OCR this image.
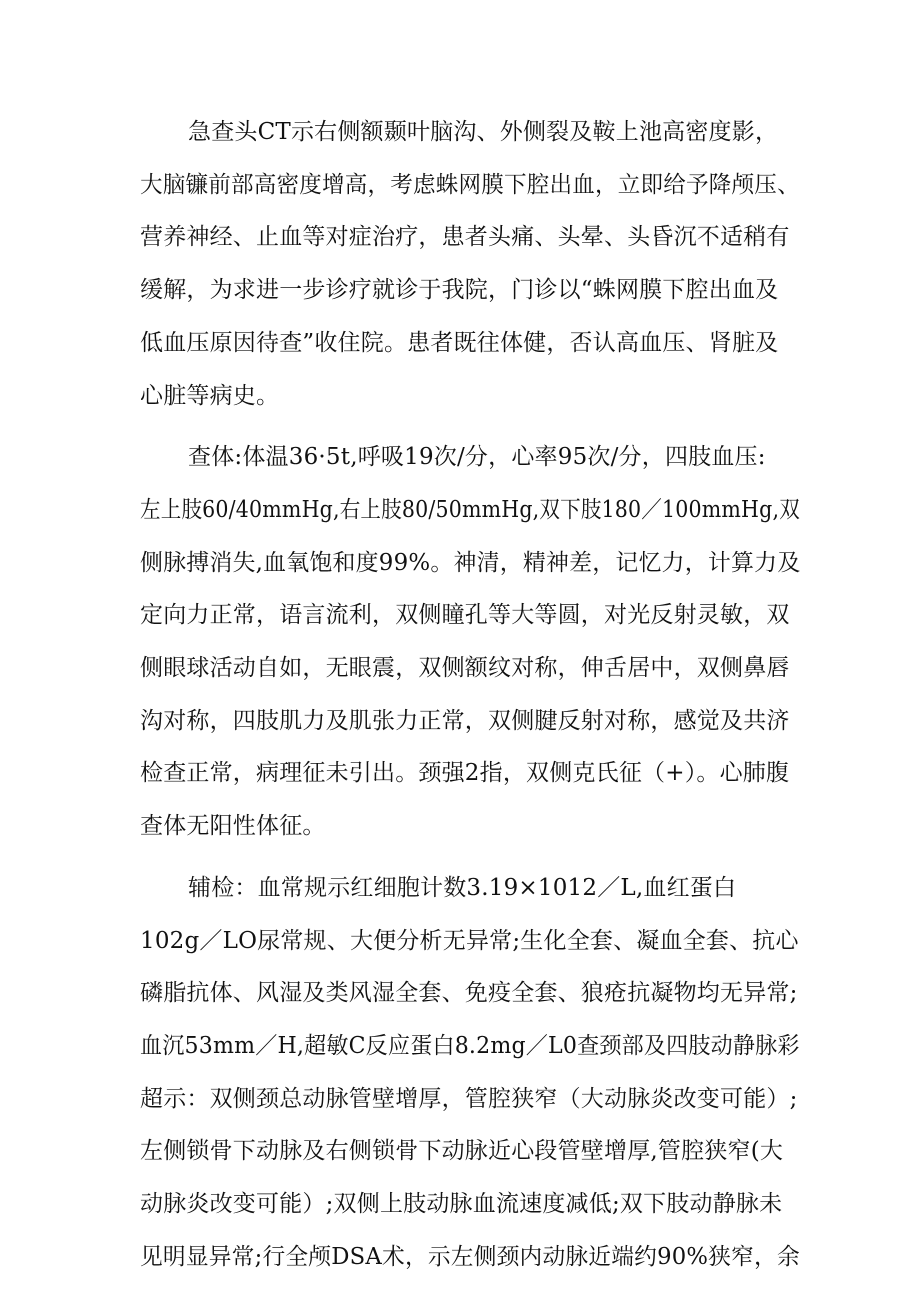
急查头CT示右侧额颞叶脑沟、外侧裂及鞍上池高密度影，
大脑镰前部高密度增高，考虑蛛网膜下腔出血，立即给予降颅压、
营养神经、止血等对症治疗，患者头痛、头晕、头昏沉不适稍有
缓解，为求进一步诊疗就诊于我院，门诊以“蛛网膜下腔出血及
低血压原因待查”收住院。患者既往体健，否认高血压、肾脏及
心脏等病史。
查体:体温36·5t,呼吸19次/分，心率95次/分，四肢血压:
左上肢60/40mmHg,右上肢80/50mmHg,双下肢180／100mmHg,双
侧脉搏消失,血氧饱和度99%。神清，精神差，记忆力，计算力及
定向力正常，语言流利，双侧瞳孔等大等圆，对光反射灵敏，双
侧眼球活动自如，无眼震，双侧额纹对称，伸舌居中，双侧鼻唇
沟对称，四肢肌力及肌张力正常，双侧腱反射对称，感觉及共济
检查正常，病理征未引出。颈强2指，双侧克氏征（+）。心肺腹
查体无阳性体征。
辅检：血常规示红细胞计数3.19×1012／L,血红蛋白
102g／LO尿常规、大便分析无异常;生化全套、凝血全套、抗心
磷脂抗体、风湿及类风湿全套、免疫全套、狼疮抗凝物均无异常;
血沉53mm／H,超敏C反应蛋白8.2mg／L0查颈部及四肢动静脉彩
超示：双侧颈总动脉管壁增厚，管腔狭窄（大动脉炎改变可能）;
左侧锁骨下动脉及右侧锁骨下动脉近心段管壁增厚,管腔狭窄(大
动脉炎改变可能）;双侧上肢动脉血流速度减低;双下肢动静脉未
见明显异常;行全颅DSA术，示左侧颈内动脉近端约90%狭窄，余
